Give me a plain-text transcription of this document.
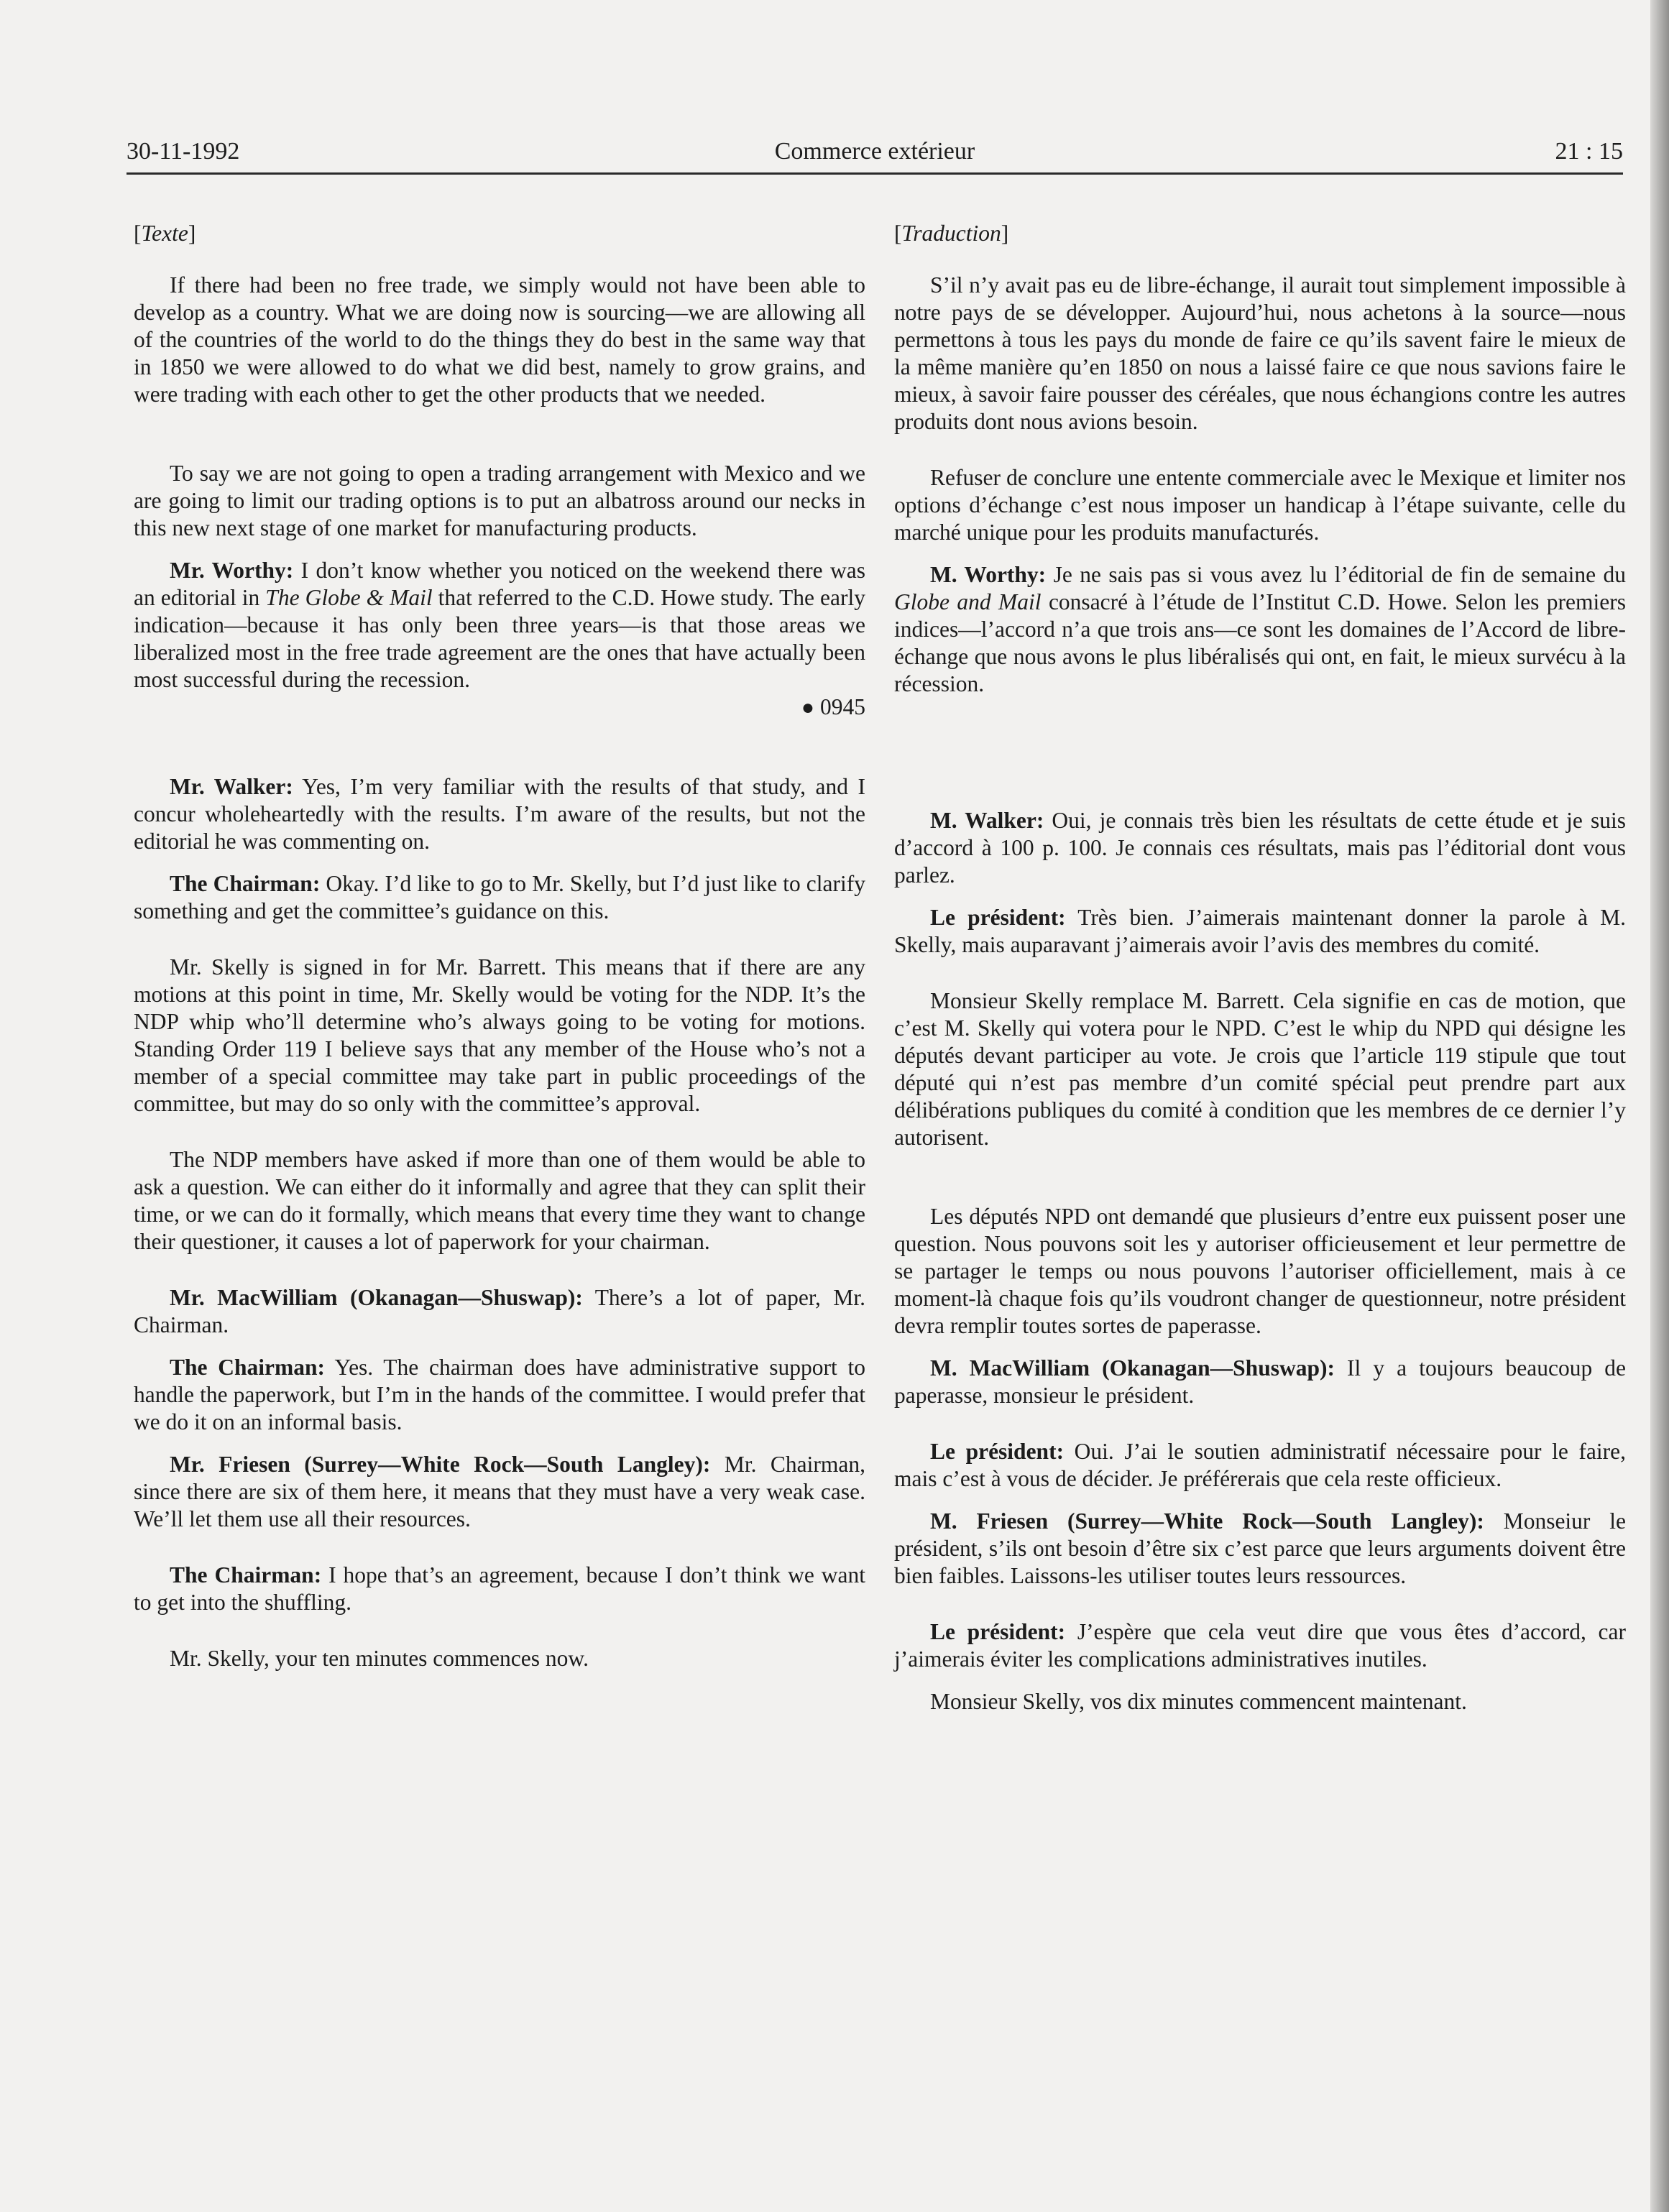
30-11-1992	Commerce extérieur	21 : 15

[Texte]

If there had been no free trade, we simply would not have been able to develop as a country. What we are doing now is sourcing—we are allowing all of the countries of the world to do the things they do best in the same way that in 1850 we were allowed to do what we did best, namely to grow grains, and were trading with each other to get the other products that we needed.

To say we are not going to open a trading arrangement with Mexico and we are going to limit our trading options is to put an albatross around our necks in this new next stage of one market for manufacturing products.

Mr. Worthy: I don’t know whether you noticed on the weekend there was an editorial in The Globe & Mail that referred to the C.D. Howe study. The early indication—because it has only been three years—is that those areas we liberalized most in the free trade agreement are the ones that have actually been most successful during the recession.

● 0945

Mr. Walker: Yes, I’m very familiar with the results of that study, and I concur wholeheartedly with the results. I’m aware of the results, but not the editorial he was commenting on.

The Chairman: Okay. I’d like to go to Mr. Skelly, but I’d just like to clarify something and get the committee’s guidance on this.

Mr. Skelly is signed in for Mr. Barrett. This means that if there are any motions at this point in time, Mr. Skelly would be voting for the NDP. It’s the NDP whip who’ll determine who’s always going to be voting for motions. Standing Order 119 I believe says that any member of the House who’s not a member of a special committee may take part in public proceedings of the committee, but may do so only with the committee’s approval.

The NDP members have asked if more than one of them would be able to ask a question. We can either do it informally and agree that they can split their time, or we can do it formally, which means that every time they want to change their questioner, it causes a lot of paperwork for your chairman.

Mr. MacWilliam (Okanagan—Shuswap): There’s a lot of paper, Mr. Chairman.

The Chairman: Yes. The chairman does have administrative support to handle the paperwork, but I’m in the hands of the committee. I would prefer that we do it on an informal basis.

Mr. Friesen (Surrey—White Rock—South Langley): Mr. Chairman, since there are six of them here, it means that they must have a very weak case. We’ll let them use all their resources.

The Chairman: I hope that’s an agreement, because I don’t think we want to get into the shuffling.

Mr. Skelly, your ten minutes commences now.

[Traduction]

S’il n’y avait pas eu de libre-échange, il aurait tout simplement impossible à notre pays de se développer. Aujourd’hui, nous achetons à la source—nous permettons à tous les pays du monde de faire ce qu’ils savent faire le mieux de la même manière qu’en 1850 on nous a laissé faire ce que nous savions faire le mieux, à savoir faire pousser des céréales, que nous échangions contre les autres produits dont nous avions besoin.

Refuser de conclure une entente commerciale avec le Mexique et limiter nos options d’échange c’est nous imposer un handicap à l’étape suivante, celle du marché unique pour les produits manufacturés.

M. Worthy: Je ne sais pas si vous avez lu l’éditorial de fin de semaine du Globe and Mail consacré à l’étude de l’Institut C.D. Howe. Selon les premiers indices—l’accord n’a que trois ans—ce sont les domaines de l’Accord de libre-échange que nous avons le plus libéralisés qui ont, en fait, le mieux survécu à la récession.

M. Walker: Oui, je connais très bien les résultats de cette étude et je suis d’accord à 100 p. 100. Je connais ces résultats, mais pas l’éditorial dont vous parlez.

Le président: Très bien. J’aimerais maintenant donner la parole à M. Skelly, mais auparavant j’aimerais avoir l’avis des membres du comité.

Monsieur Skelly remplace M. Barrett. Cela signifie en cas de motion, que c’est M. Skelly qui votera pour le NPD. C’est le whip du NPD qui désigne les députés devant participer au vote. Je crois que l’article 119 stipule que tout député qui n’est pas membre d’un comité spécial peut prendre part aux délibérations publiques du comité à condition que les membres de ce dernier l’y autorisent.

Les députés NPD ont demandé que plusieurs d’entre eux puissent poser une question. Nous pouvons soit les y autoriser officieusement et leur permettre de se partager le temps ou nous pouvons l’autoriser officiellement, mais à ce moment-là chaque fois qu’ils voudront changer de questionneur, notre président devra remplir toutes sortes de paperasse.

M. MacWilliam (Okanagan—Shuswap): Il y a toujours beaucoup de paperasse, monsieur le président.

Le président: Oui. J’ai le soutien administratif nécessaire pour le faire, mais c’est à vous de décider. Je préférerais que cela reste officieux.

M. Friesen (Surrey—White Rock—South Langley): Monseiur le président, s’ils ont besoin d’être six c’est parce que leurs arguments doivent être bien faibles. Laissons-les utiliser toutes leurs ressources.

Le président: J’espère que cela veut dire que vous êtes d’accord, car j’aimerais éviter les complications administratives inutiles.

Monsieur Skelly, vos dix minutes commencent maintenant.
